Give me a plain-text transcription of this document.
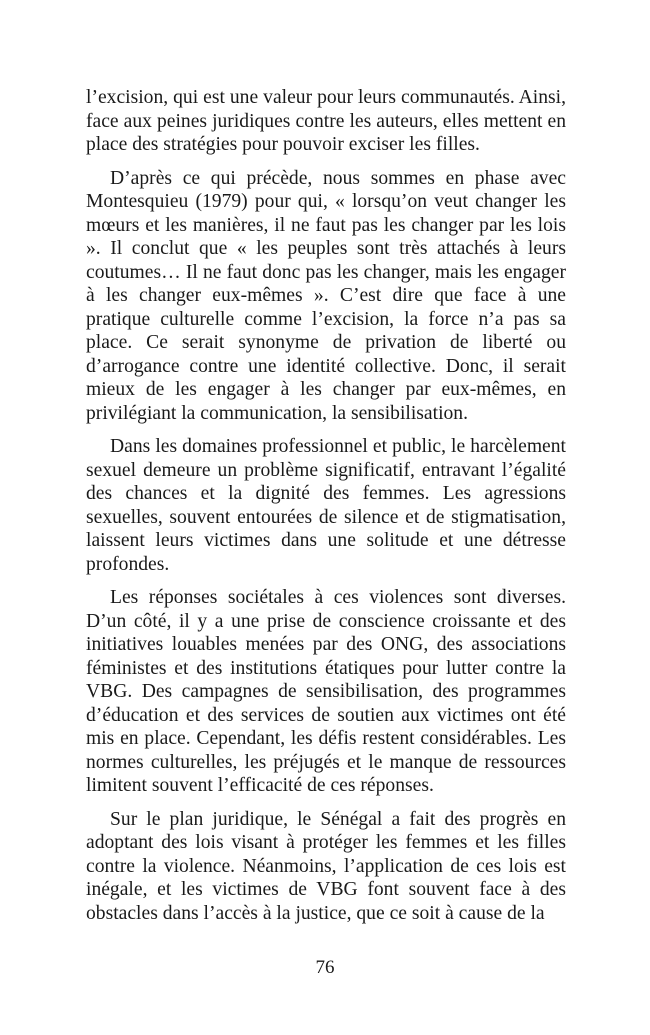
l’excision, qui est une valeur pour leurs communautés. Ainsi, face aux peines juridiques contre les auteurs, elles mettent en place des stratégies pour pouvoir exciser les filles.

D’après ce qui précède, nous sommes en phase avec Montesquieu (1979) pour qui, « lorsqu’on veut changer les mœurs et les manières, il ne faut pas les changer par les lois ». Il conclut que « les peuples sont très attachés à leurs coutumes… Il ne faut donc pas les changer, mais les engager à les changer eux-mêmes ». C’est dire que face à une pratique culturelle comme l’excision, la force n’a pas sa place. Ce serait synonyme de privation de liberté ou d’arrogance contre une identité collective. Donc, il serait mieux de les engager à les changer par eux-mêmes, en privilégiant la communication, la sensibilisation.

Dans les domaines professionnel et public, le harcèlement sexuel demeure un problème significatif, entravant l’égalité des chances et la dignité des femmes. Les agressions sexuelles, souvent entourées de silence et de stigmatisation, laissent leurs victimes dans une solitude et une détresse profondes.

Les réponses sociétales à ces violences sont diverses. D’un côté, il y a une prise de conscience croissante et des initiatives louables menées par des ONG, des associations féministes et des institutions étatiques pour lutter contre la VBG. Des campagnes de sensibilisation, des programmes d’éducation et des services de soutien aux victimes ont été mis en place. Cependant, les défis restent considérables. Les normes culturelles, les préjugés et le manque de ressources limitent souvent l’efficacité de ces réponses.

Sur le plan juridique, le Sénégal a fait des progrès en adoptant des lois visant à protéger les femmes et les filles contre la violence. Néanmoins, l’application de ces lois est inégale, et les victimes de VBG font souvent face à des obstacles dans l’accès à la justice, que ce soit à cause de la

76
